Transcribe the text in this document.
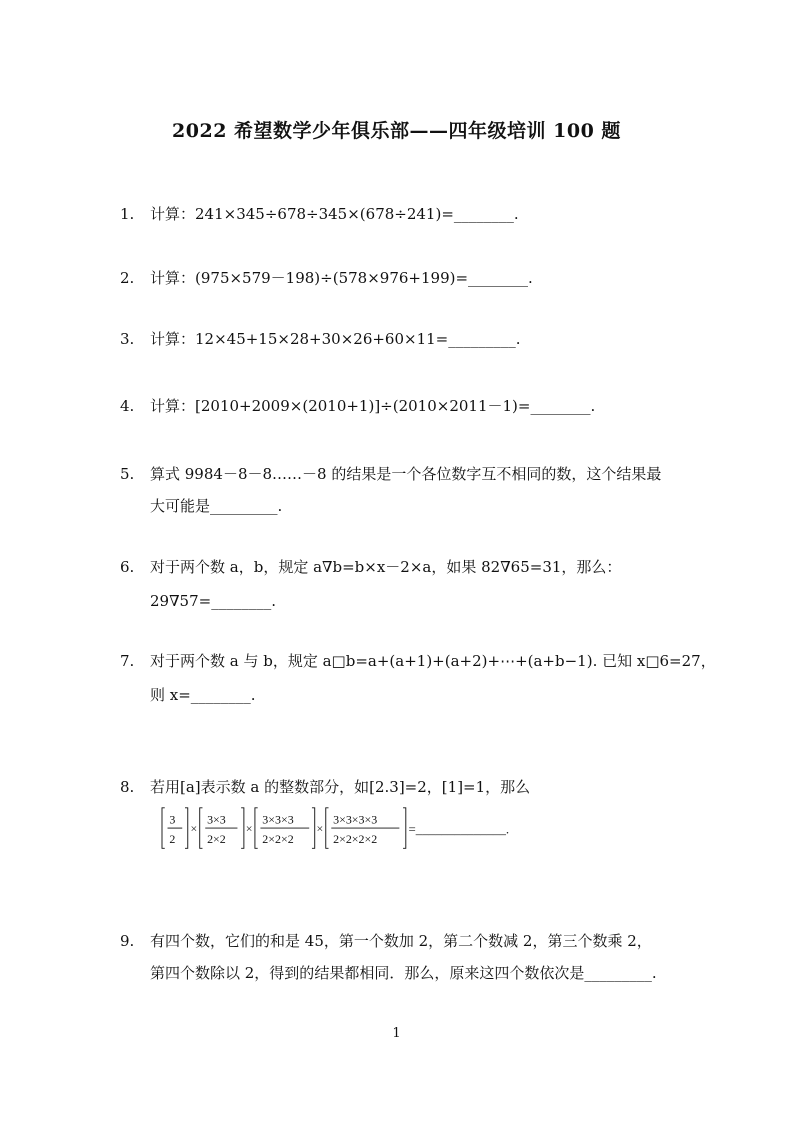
2022 希望数学少年俱乐部——四年级培训 100 题
1.	计算：241×345÷678÷345×(678÷241)=________.
2.	计算：(975×579－198)÷(578×976+199)=________.
3.	计算：12×45+15×28+30×26+60×11=_________.
4.	计算：[2010+2009×(2010+1)]÷(2010×2011－1)=________.
5.	算式 9984－8－8……－8 的结果是一个各位数字互不相同的数，这个结果最
大可能是_________.
6.	对于两个数 a，b，规定 a∇b=b×x－2×a，如果 82∇65=31，那么：
29∇57=________.
7.	对于两个数 a 与 b，规定 a□b=a+(a+1)+(a+2)+⋯+(a+b−1). 已知 x□6=27，
则 x=________.
8.	若用[a]表示数 a 的整数部分，如[2.3]=2，[1]=1，那么
3
2
×
3×3
2×2
×
3×3×3
2×2×2
×
3×3×3×3
2×2×2×2
=______________.
9.	有四个数，它们的和是 45，第一个数加 2，第二个数减 2，第三个数乘 2，
第四个数除以 2，得到的结果都相同．那么，原来这四个数依次是_________.
1
